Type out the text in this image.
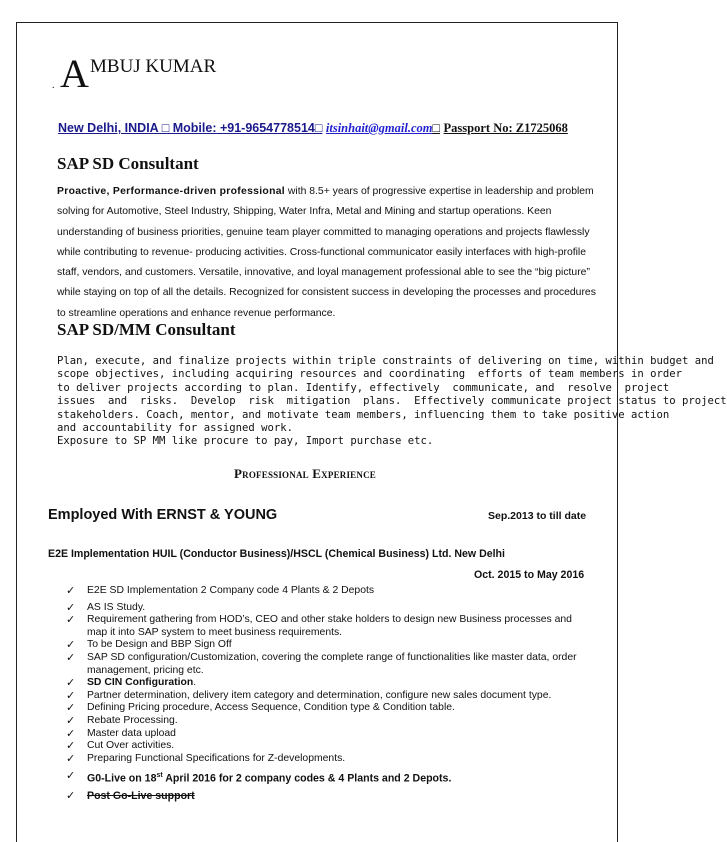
. A MBUJ KUMAR
New Delhi, INDIA □ Mobile: +91-9654778514□ itsinhait@gmail.com□ Passport No: Z1725068
SAP SD Consultant
Proactive, Performance-driven professional with 8.5+ years of progressive expertise in leadership and problem solving for Automotive, Steel Industry, Shipping, Water Infra, Metal and Mining and startup operations. Keen understanding of business priorities, genuine team player committed to managing operations and projects flawlessly while contributing to revenue- producing activities. Cross-functional communicator easily interfaces with high-profile staff, vendors, and customers. Versatile, innovative, and loyal management professional able to see the “big picture” while staying on top of all the details. Recognized for consistent success in developing the processes and procedures to streamline operations and enhance revenue performance.
SAP SD/MM Consultant
Plan, execute, and finalize projects within triple constraints of delivering on time, within budget and
scope objectives, including acquiring resources and coordinating  efforts of team members in order
to deliver projects according to plan. Identify, effectively  communicate, and  resolve  project
issues  and  risks.  Develop  risk  mitigation  plans.  Effectively communicate project status to project
stakeholders. Coach, mentor, and motivate team members, influencing them to take positive action
and accountability for assigned work.
Exposure to SP MM like procure to pay, Import purchase etc.
Professional Experience
Employed With ERNST & YOUNG	Sep.2013 to till date
E2E Implementation HUIL (Conductor Business)/HSCL (Chemical Business) Ltd. New Delhi
Oct. 2015 to May 2016
✓ E2E SD Implementation 2 Company code 4 Plants & 2 Depots
✓ AS IS Study.
✓ Requirement gathering from HOD’s, CEO and other stake holders to design new Business processes and map it into SAP system to meet business requirements.
✓ To be Design and BBP Sign Off
✓ SAP SD configuration/Customization, covering the complete range of functionalities like master data, order management, pricing etc.
✓ SD CIN Configuration.
✓ Partner determination, delivery item category and determination, configure new sales document type.
✓ Defining Pricing procedure, Access Sequence, Condition type & Condition table.
✓ Rebate Processing.
✓ Master data upload
✓ Cut Over activities.
✓ Preparing Functional Specifications for Z-developments.
✓ G0-Live on 18st April 2016 for 2 company codes & 4 Plants and 2 Depots.
✓ Post Go-Live support
